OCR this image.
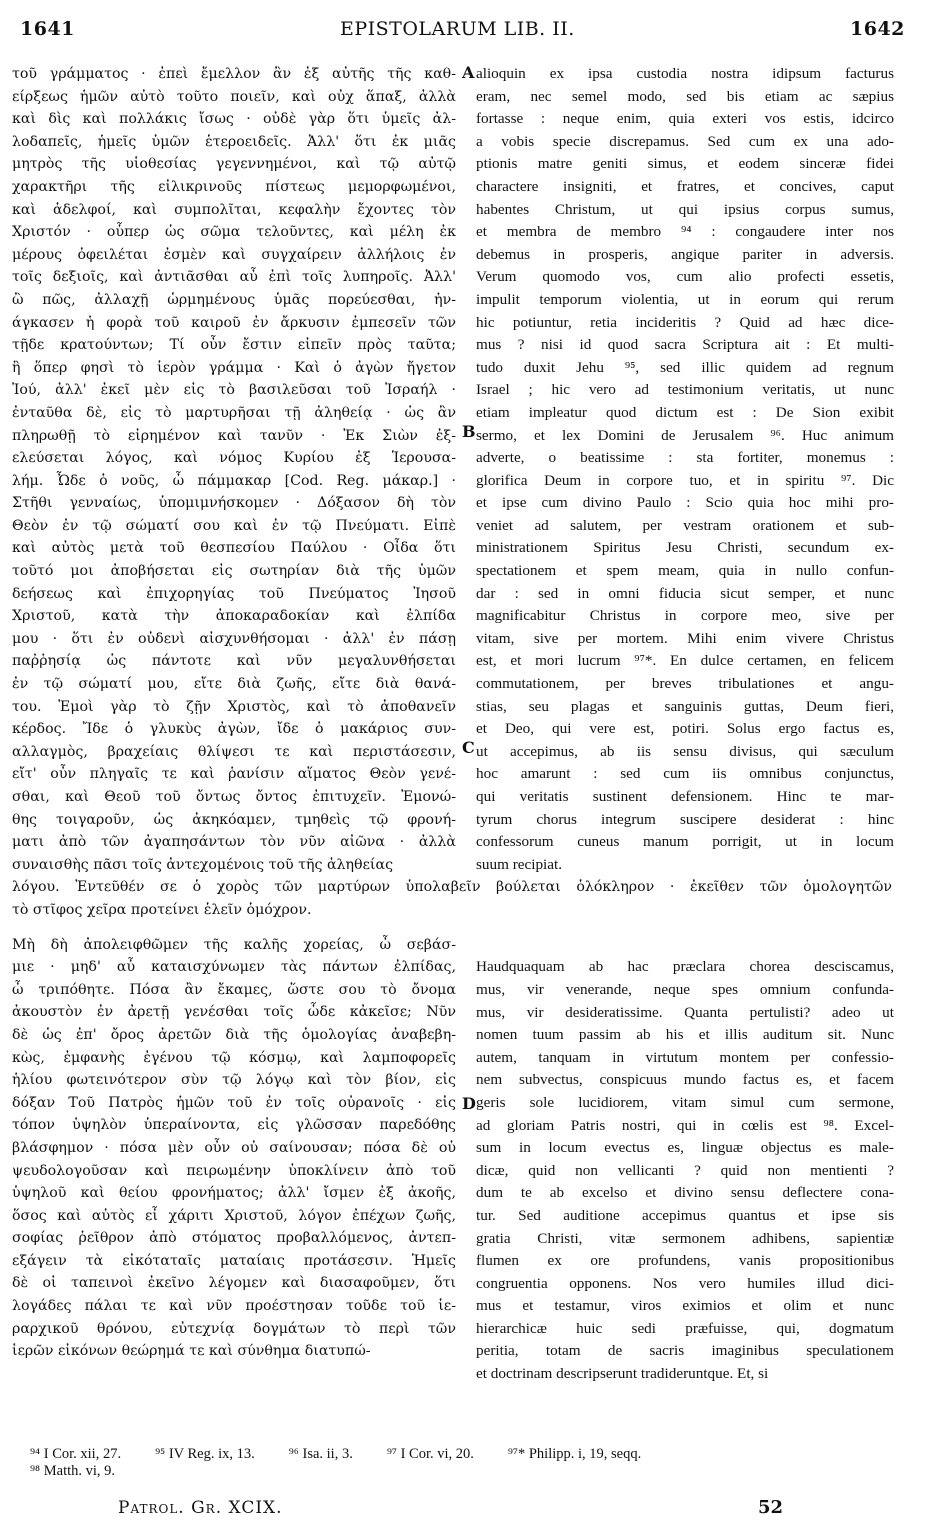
1641	EPISTOLARUM LIB. II.	1642
A
B
C
D
τοῦ γράμματος · ἐπεὶ ἔμελλον ἂν ἐξ αὐτῆς τῆς καθ-
είρξεως ἡμῶν αὐτὸ τοῦτο ποιεῖν, καὶ οὐχ ἅπαξ, ἀλλὰ
καὶ δὶς καὶ πολλάκις ἴσως · οὐδὲ γὰρ ὅτι ὑμεῖς ἀλ-
λοδαπεῖς, ἡμεῖς ὑμῶν ἑτεροειδεῖς. Ἀλλ' ὅτι ἐκ μιᾶς
μητρὸς τῆς υἱοθεσίας γεγεννημένοι, καὶ τῷ αὐτῷ
χαρακτῆρι τῆς εἰλικρινοῦς πίστεως μεμορφωμένοι,
καὶ ἀδελφοί, καὶ συμπολῖται, κεφαλὴν ἔχοντες τὸν
Χριστόν · οὗπερ ὡς σῶμα τελοῦντες, καὶ μέλη ἐκ
μέρους ὀφειλέται ἐσμὲν καὶ συγχαίρειν ἀλλήλοις ἐν
τοῖς δεξιοῖς, καὶ ἀντιᾶσθαι αὖ ἐπὶ τοῖς λυπηροῖς. Ἀλλ'
ὢ πῶς, ἀλλαχῇ ὡρμημένους ὑμᾶς πορεύεσθαι, ἠν-
άγκασεν ἡ φορὰ τοῦ καιροῦ ἐν ἄρκυσιν ἐμπεσεῖν τῶν
τῇδε κρατούντων; Τί οὖν ἔστιν εἰπεῖν πρὸς ταῦτα;
ἢ ὅπερ φησὶ τὸ ἱερὸν γράμμα · Καὶ ὁ ἀγὼν ἤγετον
Ἰού, ἀλλ' ἐκεῖ μὲν εἰς τὸ βασιλεῦσαι τοῦ Ἰσραήλ ·
ἐνταῦθα δὲ, εἰς τὸ μαρτυρῆσαι τῇ ἀληθείᾳ · ὡς ἂν
πληρωθῇ τὸ εἰρημένον καὶ τανῦν · Ἐκ Σιὼν ἐξ-
ελεύσεται λόγος, καὶ νόμος Κυρίου ἐξ Ἱερουσα-
λήμ. Ὦδε ὁ νοῦς, ὦ πάμμακαρ [Cod. Reg. μάκαρ.] ·
Στῆθι γενναίως, ὑπομιμνήσκομεν · Δόξασον δὴ τὸν
Θεὸν ἐν τῷ σώματί σου καὶ ἐν τῷ Πνεύματι. Εἰπὲ
καὶ αὐτὸς μετὰ τοῦ θεσπεσίου Παύλου · Οἶδα ὅτι
τοῦτό μοι ἀποβήσεται εἰς σωτηρίαν διὰ τῆς ὑμῶν
δεήσεως καὶ ἐπιχορηγίας τοῦ Πνεύματος Ἰησοῦ
Χριστοῦ, κατὰ τὴν ἀποκαραδοκίαν καὶ ἐλπίδα
μου · ὅτι ἐν οὐδενὶ αἰσχυνθήσομαι · ἀλλ' ἐν πάσῃ
παῤῥησίᾳ ὡς πάντοτε καὶ νῦν μεγαλυνθήσεται
ἐν τῷ σώματί μου, εἴτε διὰ ζωῆς, εἴτε διὰ θανά-
του. Ἐμοὶ γὰρ τὸ ζῇν Χριστὸς, καὶ τὸ ἀποθανεῖν
κέρδος. Ἴδε ὁ γλυκὺς ἀγὼν, ἴδε ὁ μακάριος συν-
αλλαγμὸς, βραχείαις θλίψεσι τε καὶ περιστάσεσιν,
εἴτ' οὖν πληγαῖς τε καὶ ῥανίσιν αἵματος Θεὸν γενέ-
σθαι, καὶ Θεοῦ τοῦ ὄντως ὄντος ἐπιτυχεῖν. Ἐμονώ-
θης τοιγαροῦν, ὡς ἀκηκόαμεν, τμηθεὶς τῷ φρονή-
ματι ἀπὸ τῶν ἀγαπησάντων τὸν νῦν αἰῶνα · ἀλλὰ
συναισθὴς πᾶσι τοῖς ἀντεχομένοις τοῦ τῆς ἀληθείας
λόγου. Ἐντεῦθέν σε ὁ χορὸς τῶν μαρτύρων ὑπολαβεῖν βούλεται ὁλόκληρον · ἐκεῖθεν τῶν ὁμολογητῶν
τὸ στῖφος χεῖρα προτείνει ἑλεῖν ὁμόχρον.
Μὴ δὴ ἀπολειφθῶμεν τῆς καλῆς χορείας, ὦ σεβάσ-
μιε · μηδ' αὖ καταισχύνωμεν τὰς πάντων ἐλπίδας,
ὦ τριπόθητε. Πόσα ἂν ἔκαμες, ὥστε σου τὸ ὄνομα
ἀκουστὸν ἐν ἀρετῇ γενέσθαι τοῖς ὧδε κἀκεῖσε; Νῦν
δὲ ὡς ἐπ' ὄρος ἀρετῶν διὰ τῆς ὁμολογίας ἀναβεβη-
κὼς, ἐμφανὴς ἐγένου τῷ κόσμῳ, καὶ λαμποφορεῖς
ἡλίου φωτεινότερον σὺν τῷ λόγῳ καὶ τὸν βίον, εἰς
δόξαν Τοῦ Πατρὸς ἡμῶν τοῦ ἐν τοῖς οὐρανοῖς · εἰς
τόπον ὑψηλὸν ὑπεραίνοντα, εἰς γλῶσσαν παρεδόθης
βλάσφημον · πόσα μὲν οὖν οὐ σαίνουσαν; πόσα δὲ οὐ
ψευδολογοῦσαν καὶ πειρωμένην ὑποκλίνειν ἀπὸ τοῦ
ὑψηλοῦ καὶ θείου φρονήματος; ἀλλ' ἴσμεν ἐξ ἀκοῆς,
ὅσος καὶ αὐτὸς εἶ χάριτι Χριστοῦ, λόγον ἐπέχων ζωῆς,
σοφίας ῥεῖθρον ἀπὸ στόματος προβαλλόμενος, ἀντεπ-
εξάγειν τὰ εἰκόταταῖς ματαίαις προτάσεσιν. Ἡμεῖς
δὲ οἱ ταπεινοὶ ἐκεῖνο λέγομεν καὶ διασαφοῦμεν, ὅτι
λογάδες πάλαι τε καὶ νῦν προέστησαν τοῦδε τοῦ ἱε-
ραρχικοῦ θρόνου, εὐτεχνίᾳ δογμάτων τὸ περὶ τῶν
ἱερῶν εἰκόνων θεώρημά τε καὶ σύνθημα διατυπώ-
alioquin ex ipsa custodia nostra idipsum facturus
eram, nec semel modo, sed bis etiam ac sæpius
fortasse : neque enim, quia exteri vos estis, idcirco
a vobis specie discrepamus. Sed cum ex una ado-
ptionis matre geniti simus, et eodem sinceræ fidei
charactere insigniti, et fratres, et concives, caput
habentes Christum, ut qui ipsius corpus sumus,
et membra de membro ⁹⁴ : congaudere inter nos
debemus in prosperis, angique pariter in adversis.
Verum quomodo vos, cum alio profecti essetis,
impulit temporum violentia, ut in eorum qui rerum
hic potiuntur, retia incideritis ? Quid ad hæc dice-
mus ? nisi id quod sacra Scriptura ait : Et multi-
tudo duxit Jehu ⁹⁵, sed illic quidem ad regnum
Israel ; hic vero ad testimonium veritatis, ut nunc
etiam impleatur quod dictum est : De Sion exibit
sermo, et lex Domini de Jerusalem ⁹⁶. Huc animum
adverte, o beatissime : sta fortiter, monemus :
glorifica Deum in corpore tuo, et in spiritu ⁹⁷. Dic
et ipse cum divino Paulo : Scio quia hoc mihi pro-
veniet ad salutem, per vestram orationem et sub-
ministrationem Spiritus Jesu Christi, secundum ex-
spectationem et spem meam, quia in nullo confun-
dar : sed in omni fiducia sicut semper, et nunc
magnificabitur Christus in corpore meo, sive per
vitam, sive per mortem. Mihi enim vivere Christus
est, et mori lucrum ⁹⁷*. En dulce certamen, en felicem
commutationem, per breves tribulationes et angu-
stias, seu plagas et sanguinis guttas, Deum fieri,
et Deo, qui vere est, potiri. Solus ergo factus es,
ut accepimus, ab iis sensu divisus, qui sæculum
hoc amarunt : sed cum iis omnibus conjunctus,
qui veritatis sustinent defensionem. Hinc te mar-
tyrum chorus integrum suscipere desiderat : hinc
confessorum cuneus manum porrigit, ut in locum
suum recipiat.
Haudquaquam ab hac præclara chorea desciscamus,
mus, vir venerande, neque spes omnium confunda-
mus, vir desideratissime. Quanta pertulisti? adeo ut
nomen tuum passim ab his et illis auditum sit. Nunc
autem, tanquam in virtutum montem per confessio-
nem subvectus, conspicuus mundo factus es, et facem
geris sole lucidiorem, vitam simul cum sermone,
ad gloriam Patris nostri, qui in cœlis est ⁹⁸. Excel-
sum in locum evectus es, linguæ objectus es male-
dicæ, quid non vellicanti ? quid non mentienti ?
dum te ab excelso et divino sensu deflectere cona-
tur. Sed auditione accepimus quantus et ipse sis
gratia Christi, vitæ sermonem adhibens, sapientiæ
flumen ex ore profundens, vanis propositionibus
congruentia opponens. Nos vero humiles illud dici-
mus et testamur, viros eximios et olim et nunc
hierarchicæ huic sedi præfuisse, qui, dogmatum
peritia, totam de sacris imaginibus speculationem
et doctrinam descripserunt tradideruntque. Et, si
⁹⁴ I Cor. xii, 27. ⁹⁵ IV Reg. ix, 13. ⁹⁶ Isa. ii, 3. ⁹⁷ I Cor. vi, 20. ⁹⁷* Philipp. i, 19, seqq.
⁹⁸ Matth. vi, 9.
Patrol. Gr. XCIX.	52
